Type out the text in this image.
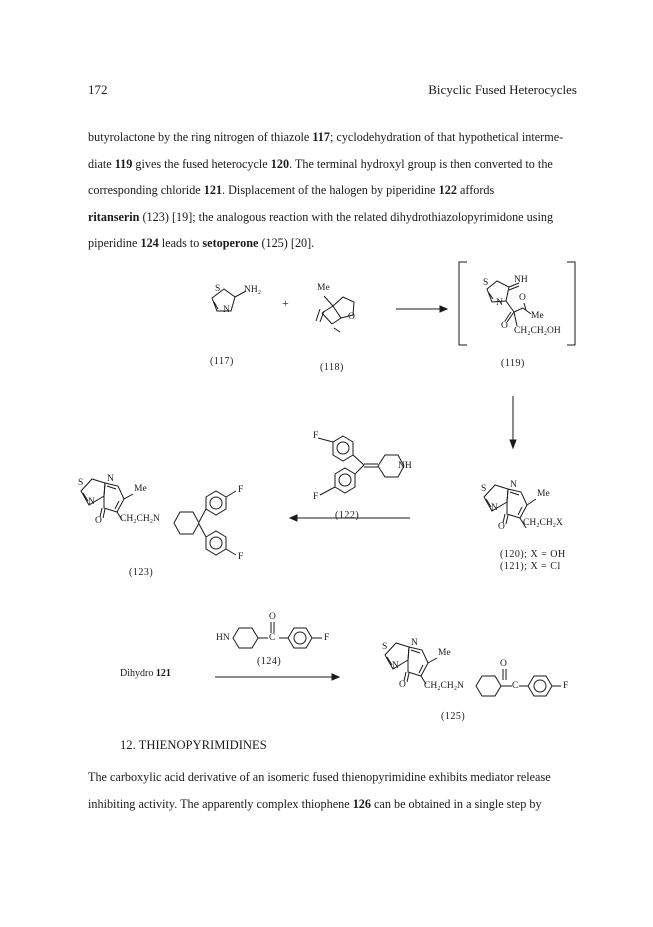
172	Bicyclic Fused Heterocycles

butyrolactone by the ring nitrogen of thiazole 117; cyclodehydration of that hypothetical interme-

diate 119 gives the fused heterocycle 120. The terminal hydroxyl group is then converted to the

corresponding chloride 121. Displacement of the halogen by piperidine 122 affords

ritanserin (123) [19]; the analogous reaction with the related dihydrothiazolopyrimidone using

piperidine 124 leads to setoperone (125) [20].

S
N
NH₂
(117)
+
Me
O
(118)
S	NH
N O
Me
O CH₂CH₂OH
(119)
F
F
NH
(122)
S N
N
Me
O CH₂CH₂X
(120); X = OH
(121); X = Cl
S N
N
Me
O CH₂CH₂N
F
F
(123)
HN
O
C	F
(124)
Dihydro 121
S N
N
Me
O CH₂CH₂N
O
C	F
(125)
12. THIENOPYRIMIDINES

The carboxylic acid derivative of an isomeric fused thienopyrimidine exhibits mediator release

inhibiting activity. The apparently complex thiophene 126 can be obtained in a single step by
